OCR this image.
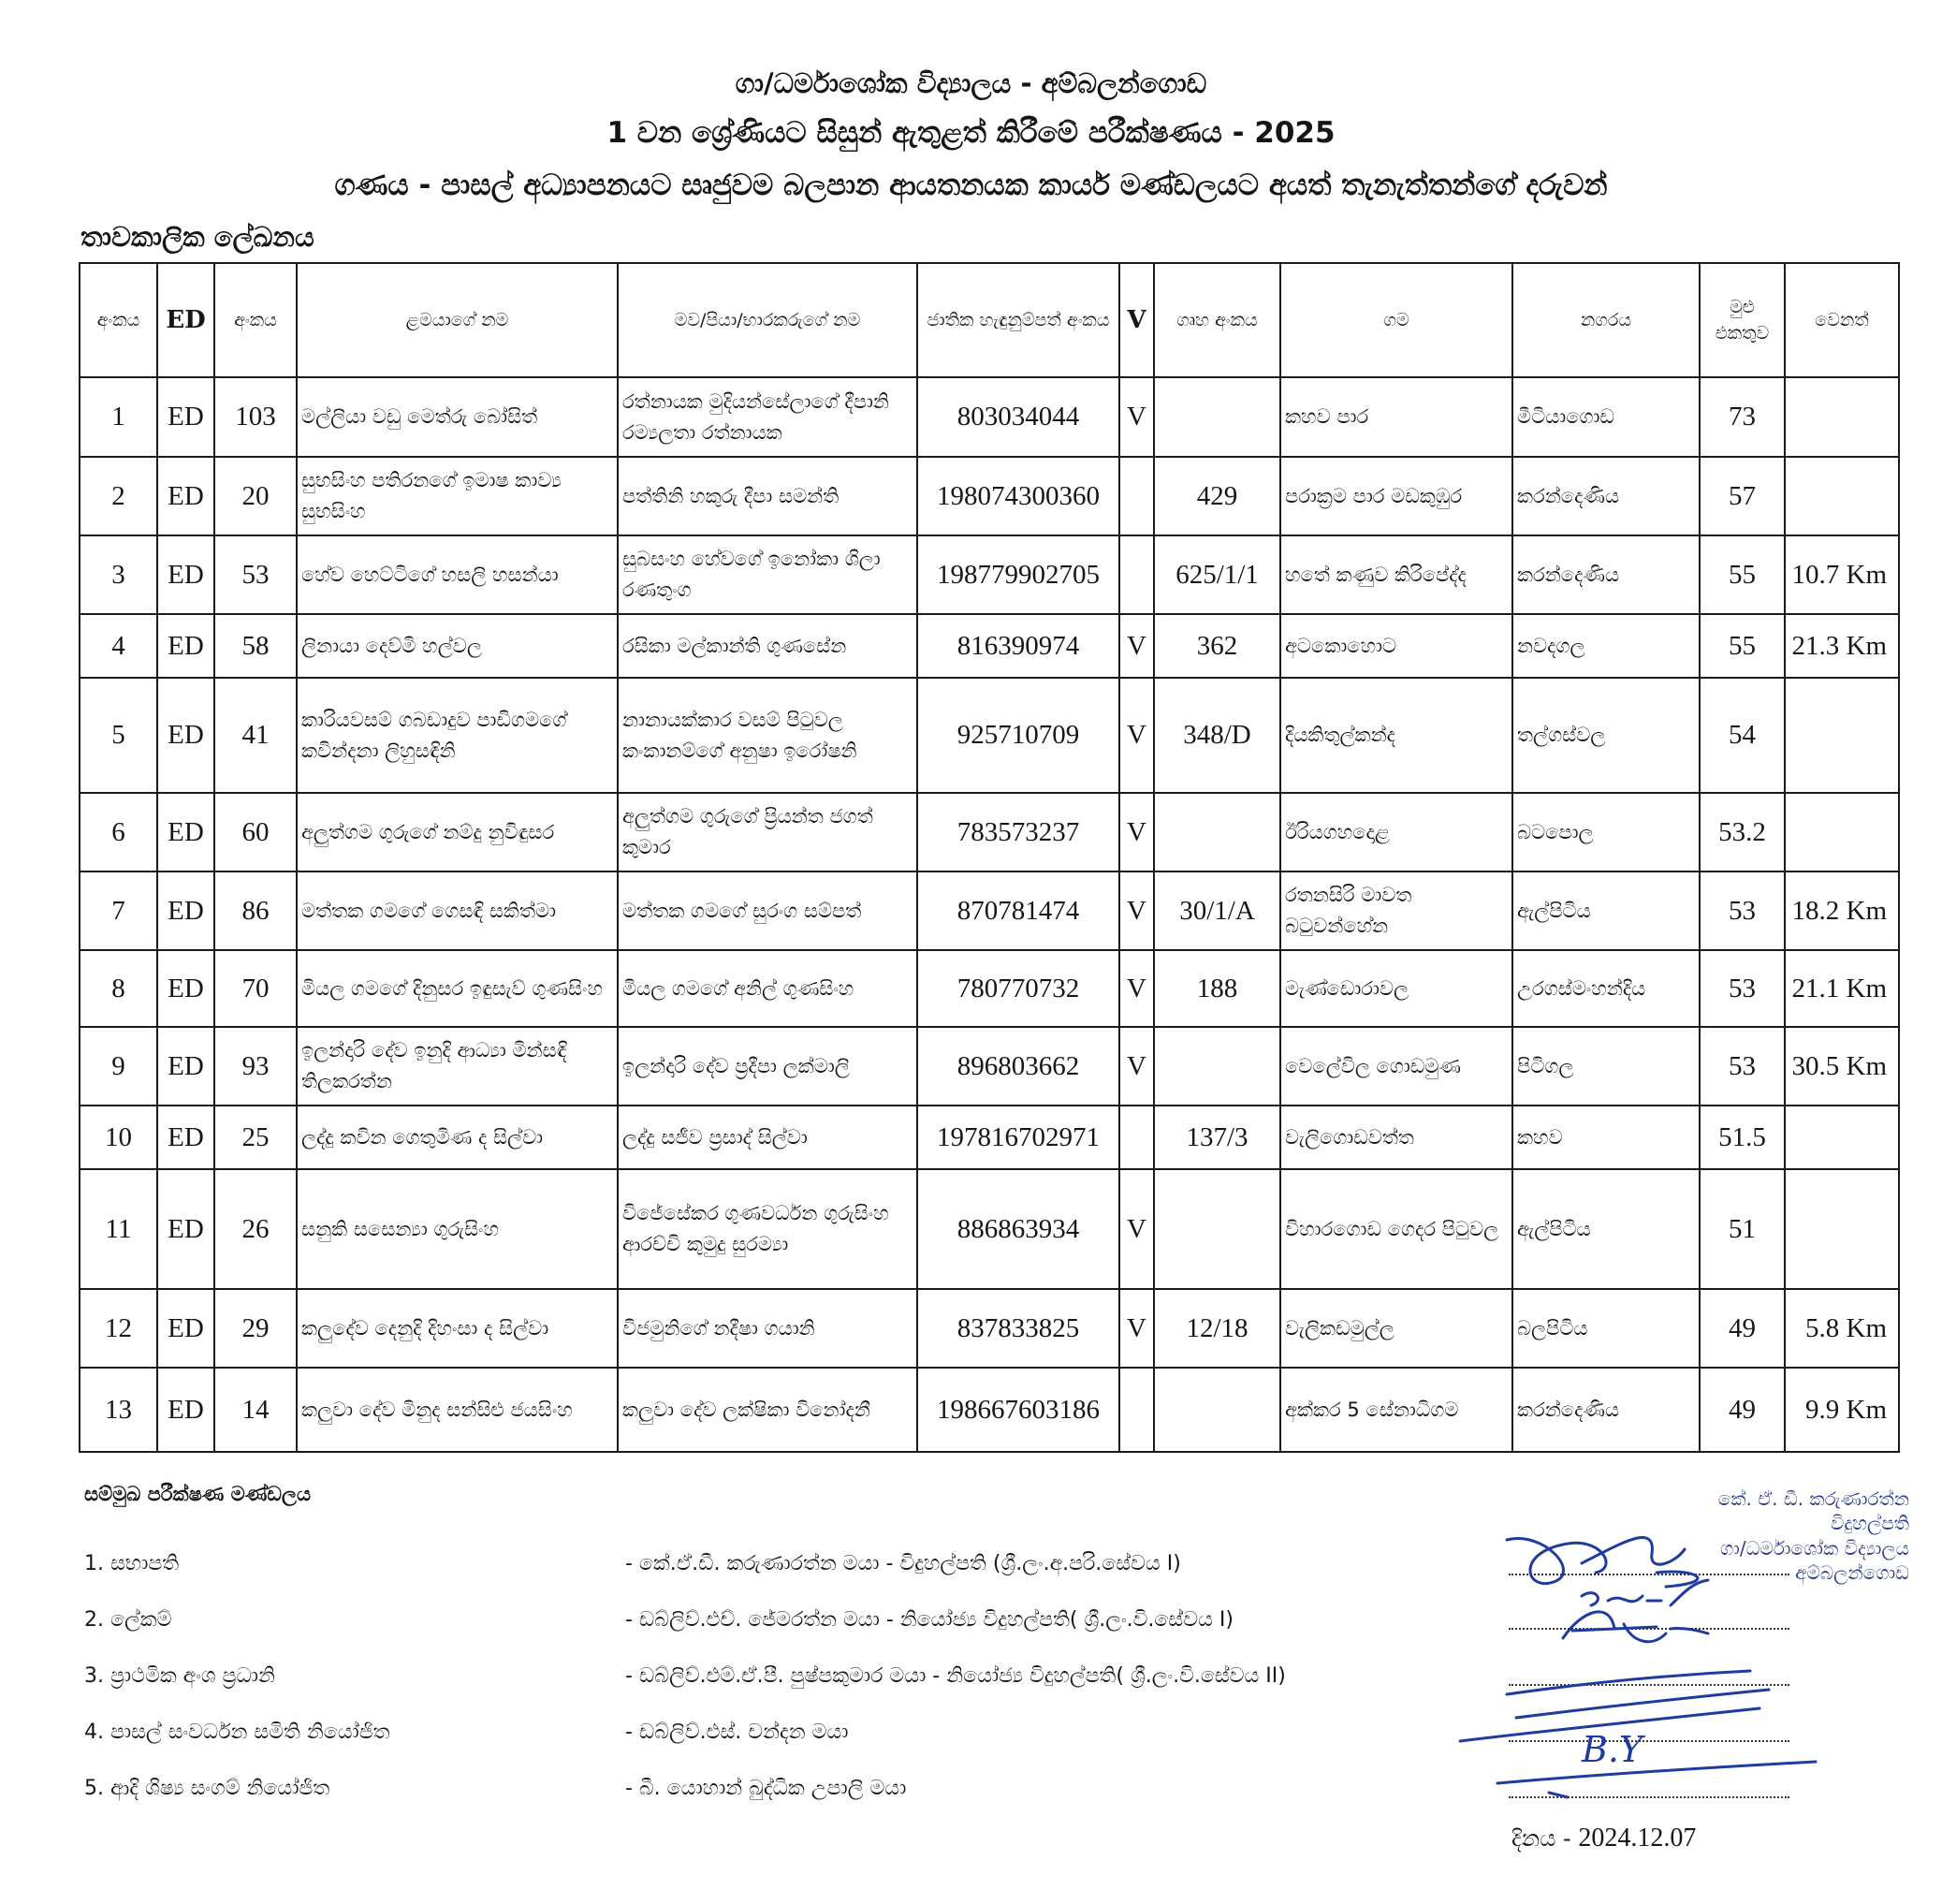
ගා/ධර්මාශෝක විද්‍යාලය - අම්බලන්ගොඩ
1 වන ශ්‍රේණියට සිසුන් ඇතුළත් කිරීමේ පරීක්ෂණය - 2025
ගණය - පාසල් අධ්‍යාපනයට සෘජුවම බලපාන ආයතනයක කාර්ය මණ්ඩලයට අයත් තැනැත්තන්ගේ දරුවන්
තාවකාලික ලේඛනය
අංකය	ED	අංකය	ළමයාගේ නම	මව/පියා/භාරකරුගේ නම	ජාතික හැඳුනුම්පත් අංකය	V	ගෘහ අංකය	ගම	නගරය	මුළු එකතුව	වෙනත්
1	ED	103	මල්ලියා වඩු මෙත්රු බෝසිත්	රත්නායක මුදියන්සේලාගේ දීපානි රම්‍යලතා රත්නායක	803034044	V		කහව පාර	මීටියාගොඩ	73	
2	ED	20	සුභසිංහ පතිරනගේ ඉමාෂ කාව්‍ය සුභසිංහ	පත්තිනි හකුරු දීපා සමන්ති	198074300360		429	පරාක්‍රම පාර මඩකුඹුර	කරන්දෙණිය	57	
3	ED	53	හේව හෙට්ටිගේ හසලි හසන්යා	සුබසංහ හේවගේ ඉනෝකා ශිලා රණතුංග	198779902705		625/1/1	හතේ කණුව කිරිපේද්ද	කරන්දෙණිය	55	10.7 Km
4	ED	58	ලිනායා දෙව්මි හල්වල	රසිකා මල්කාන්ති ගුණසේන	816390974	V	362	අටකොහොට	නවදගල	55	21.3 Km
5	ED	41	කාරියවසම් ගබඩාදුව පාඩිගමගේ කවින්දනා ලිහුසඳිනි	නානායක්කාර වසම් පිටුවල කංකානම්ගේ අනුෂා ඉරෝෂනි	925710709	V	348/D	දියකිතුල්කන්ද	තල්ගස්වල	54	
6	ED	60	අලුත්ගම ගුරුගේ නම්දු නුවිඳුසර	අලුත්ගම ගුරුගේ ප්‍රියන්ත ජගත් කුමාර	783573237	V		ඊරියගහදොළ	බටපොල	53.2	
7	ED	86	මත්තක ගමගේ ගෙසඳි සකිත්මා	මත්තක ගමගේ සුරංග සම්පත්	870781474	V	30/1/A	රතනසිරි මාවත බටුවන්හේන	ඇල්පිටිය	53	18.2 Km
8	ED	70	මියල ගමගේ දිනුසර ඉඳුසැව් ගුණසිංහ	මියල ගමගේ අනිල් ගුණසිංහ	780770732	V	188	මැණ්ඩොරාවල	උරගස්මංහන්දිය	53	21.1 Km
9	ED	93	ඉලන්දාරි දේව ඉනුදි ආධ්‍යා මින්සඳි තිලකරත්න	ඉලන්දාරි දේව ප්‍රදීපා ලක්මාලි	896803662	V		වෙලේවිල ගොඩමුණ	පිටිගල	53	30.5 Km
10	ED	25	ලද්දු කවින ගෙතුමිණ ද සිල්වා	ලද්දු සජීව ප්‍රසාද් සිල්වා	197816702971		137/3	වැලිගොඩවත්ත	කහව	51.5	
11	ED	26	සනුකි සසෙන්‍යා ගුරුසිංහ	විජේසේකර ගුණවර්ධන ගුරුසිංහ ආරච්චි කුමුදු සුරම්‍යා	886863934	V		විහාරගොඩ ගෙදර පිටුවල	ඇල්පිටිය	51	
12	ED	29	කලුදේව දෙනුදි දිහංසා ද සිල්වා	විජමුනිගේ නදීෂා ගයානි	837833825	V	12/18	වැලිකඩමුල්ල	බලපිටිය	49	5.8 Km
13	ED	14	කලුවා දේව මිනුද සන්සිළු ජයසිංහ	කලුවා දේව ලක්ෂිකා විනෝදනී	198667603186			අක්කර 5 සේනාධිගම	කරන්දෙණිය	49	9.9 Km
සම්මුඛ පරීක්ෂණ මණ්ඩලය
1. සභාපති	- කේ.ඒ.ඩී. කරුණාරත්න මයා - විදුහල්පති (ශ්‍රී.ලං.අ.පරි.සේවය I)
2. ලේකම්	- ඩබ්ලිව්.එච්. ජේමරත්න මයා - නියෝජ්‍ය විදුහල්පති( ශ්‍රී.ලං.වි.සේවය I)
3. ප්‍රාථමික අංශ ප්‍රධානි	- ඩබ්ලිව්.එම්.ඒ.පී. පුෂ්පකුමාර මයා - නියෝජ්‍ය විදුහල්පති( ශ්‍රී.ලං.වි.සේවය II)
4. පාසල් සංවර්ධන සමිති නියෝජිත	- ඩබ්ලිව්.එස්. චන්දන මයා
5. ආදි ශිෂ්‍ය සංගම් නියෝජිත	- බී. යොහාන් බුද්ධික උපාලි මයා
කේ. ඒ. ඩී. කරුණාරත්න
විදුහල්පති
ගා/ධර්මාශෝක විද්‍යාලය
අම්බලන්ගොඩ
B.Y
දිනය - 2024.12.07
